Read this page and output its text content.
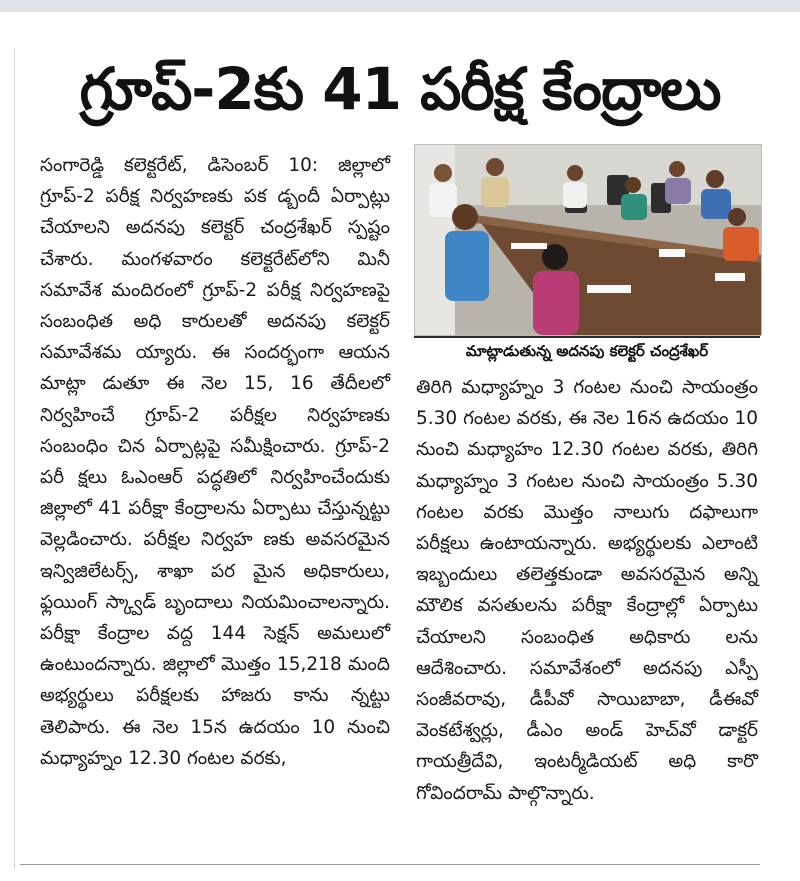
గ్రూప్-2కు 41 పరీక్ష కేంద్రాలు
సంగారెడ్డి కలెక్టరేట్, డిసెంబర్ 10: జిల్లాలో గ్రూప్-2 పరీక్ష నిర్వహణకు పక డ్బందీ ఏర్పాట్లు చేయాలని అదనపు కలెక్టర్ చంద్రశేఖర్ స్పష్టం చేశారు. మంగళవారం కలెక్టరేట్‌లోని మినీ సమావేశ మందిరంలో గ్రూప్-2 పరీక్ష నిర్వహణపై సంబంధిత అధి కారులతో అదనపు కలెక్టర్ సమావేశమ య్యారు. ఈ సందర్భంగా ఆయన మాట్లా డుతూ ఈ నెల 15, 16 తేదీలలో నిర్వహించే గ్రూప్-2 పరీక్షల నిర్వహణకు సంబంధిం చిన ఏర్పాట్లపై సమీక్షించారు. గ్రూప్-2 పరీ క్షలు ఓఎంఆర్ పద్ధతిలో నిర్వహించేందుకు జిల్లాలో 41 పరీక్షా కేంద్రాలను ఏర్పాటు చేస్తున్నట్టు వెల్లడించారు. పరీక్షల నిర్వహ ణకు అవసరమైన ఇన్విజిలేటర్స్, శాఖా పర మైన అధికారులు, ఫ్లయింగ్ స్క్వాడ్ బృందాలు నియమించాలన్నారు. పరీక్షా కేంద్రాల వద్ద 144 సెక్షన్ అమలులో ఉంటుందన్నారు. జిల్లాలో మొత్తం 15,218 మంది అభ్యర్థులు పరీక్షలకు హాజరు కాను న్నట్టు తెలిపారు. ఈ నెల 15న ఉదయం 10 నుంచి మధ్యాహ్నం 12.30 గంటల వరకు,
మాట్లాడుతున్న అదనపు కలెక్టర్ చంద్రశేఖర్
తిరిగి మధ్యాహ్నం 3 గంటల నుంచి సాయంత్రం 5.30 గంటల వరకు, ఈ నెల 16న ఉదయం 10 నుంచి మధ్యాహం 12.30 గంటల వరకు, తిరిగి మధ్యాహ్నం 3 గంటల నుంచి సాయంత్రం 5.30 గంటల వరకు మొత్తం నాలుగు దఫాలుగా పరీక్షలు ఉంటాయన్నారు. అభ్యర్థులకు ఎలాంటి ఇబ్బందులు తలెత్తకుండా అవసరమైన అన్ని మౌలిక వసతులను పరీక్షా కేంద్రాల్లో ఏర్పాటు చేయాలని సంబంధిత అధికారు లను ఆదేశించారు. సమావేశంలో అదనపు ఎస్పీ సంజీవరావు, డీపీవో సాయిబాబా, డీఈవో వెంకటేశ్వర్లు, డీఎం అండ్ హెచ్‌వో డాక్టర్ గాయత్రీదేవి, ఇంటర్మీడియట్ అధి కారొ గోవిందరామ్ పాల్గొన్నారు.
